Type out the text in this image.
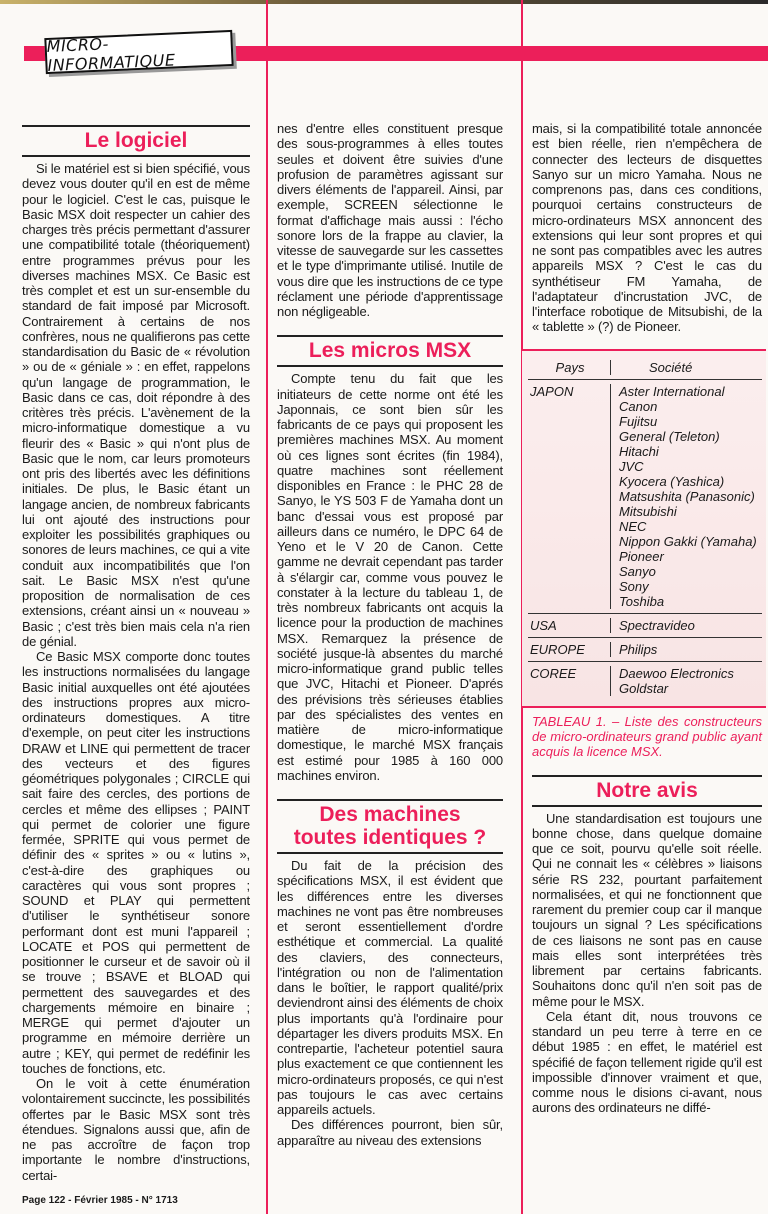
MICRO-INFORMATIQUE
Le logiciel

Si le matériel est si bien spécifié, vous devez vous douter qu'il en est de même pour le logiciel. C'est le cas, puisque le Basic MSX doit respecter un cahier des charges très précis permettant d'assurer une compatibilité totale (théoriquement) entre programmes prévus pour les diverses machines MSX. Ce Basic est très complet et est un sur-ensemble du standard de fait imposé par Microsoft. Contrairement à certains de nos confrères, nous ne qualifierons pas cette standardisation du Basic de « révolution » ou de « géniale » : en effet, rappelons qu'un langage de programmation, le Basic dans ce cas, doit répondre à des critères très précis. L'avènement de la micro-informatique domestique a vu fleurir des « Basic » qui n'ont plus de Basic que le nom, car leurs promoteurs ont pris des libertés avec les définitions initiales. De plus, le Basic étant un langage ancien, de nombreux fabricants lui ont ajouté des instructions pour exploiter les possibilités graphiques ou sonores de leurs machines, ce qui a vite conduit aux incompatibilités que l'on sait. Le Basic MSX n'est qu'une proposition de normalisation de ces extensions, créant ainsi un « nouveau » Basic ; c'est très bien mais cela n'a rien de génial.

Ce Basic MSX comporte donc toutes les instructions normalisées du langage Basic initial auxquelles ont été ajoutées des instructions propres aux micro-ordinateurs domestiques. A titre d'exemple, on peut citer les instructions DRAW et LINE qui permettent de tracer des vecteurs et des figures géométriques polygonales ; CIRCLE qui sait faire des cercles, des portions de cercles et même des ellipses ; PAINT qui permet de colorier une figure fermée, SPRITE qui vous permet de définir des « sprites » ou « lutins », c'est-à-dire des graphiques ou caractères qui vous sont propres ; SOUND et PLAY qui permettent d'utiliser le synthétiseur sonore performant dont est muni l'appareil ; LOCATE et POS qui permettent de positionner le curseur et de savoir où il se trouve ; BSAVE et BLOAD qui permettent des sauvegardes et des chargements mémoire en binaire ; MERGE qui permet d'ajouter un programme en mémoire derrière un autre ; KEY, qui permet de redéfinir les touches de fonctions, etc.

On le voit à cette énumération volontairement succincte, les possibilités offertes par le Basic MSX sont très étendues. Signalons aussi que, afin de ne pas accroître de façon trop importante le nombre d'instructions, certai-

Page 122 - Février 1985 - N° 1713

nes d'entre elles constituent presque des sous-programmes à elles toutes seules et doivent être suivies d'une profusion de paramètres agissant sur divers éléments de l'appareil. Ainsi, par exemple, SCREEN sélectionne le format d'affichage mais aussi : l'écho sonore lors de la frappe au clavier, la vitesse de sauvegarde sur les cassettes et le type d'imprimante utilisé. Inutile de vous dire que les instructions de ce type réclament une période d'apprentissage non négligeable.

Les micros MSX

Compte tenu du fait que les initiateurs de cette norme ont été les Japonnais, ce sont bien sûr les fabricants de ce pays qui proposent les premières machines MSX. Au moment où ces lignes sont écrites (fin 1984), quatre machines sont réellement disponibles en France : le PHC 28 de Sanyo, le YS 503 F de Yamaha dont un banc d'essai vous est proposé par ailleurs dans ce numéro, le DPC 64 de Yeno et le V 20 de Canon. Cette gamme ne devrait cependant pas tarder à s'élargir car, comme vous pouvez le constater à la lecture du tableau 1, de très nombreux fabricants ont acquis la licence pour la production de machines MSX. Remarquez la présence de société jusque-là absentes du marché micro-informatique grand public telles que JVC, Hitachi et Pioneer. D'aprés des prévisions très sérieuses établies par des spécialistes des ventes en matière de micro-informatique domestique, le marché MSX français est estimé pour 1985 à 160 000 machines environ.

Des machines
toutes identiques ?

Du fait de la précision des spécifications MSX, il est évident que les différences entre les diverses machines ne vont pas être nombreuses et seront essentiellement d'ordre esthétique et commercial. La qualité des claviers, des connecteurs, l'intégration ou non de l'alimentation dans le boîtier, le rapport qualité/prix deviendront ainsi des éléments de choix plus importants qu'à l'ordinaire pour départager les divers produits MSX. En contrepartie, l'acheteur potentiel saura plus exactement ce que contiennent les micro-ordinateurs proposés, ce qui n'est pas toujours le cas avec certains appareils actuels.

Des différences pourront, bien sûr, apparaître au niveau des extensions

mais, si la compatibilité totale annoncée est bien réelle, rien n'empêchera de connecter des lecteurs de disquettes Sanyo sur un micro Yamaha. Nous ne comprenons pas, dans ces conditions, pourquoi certains constructeurs de micro-ordinateurs MSX annoncent des extensions qui leur sont propres et qui ne sont pas compatibles avec les autres appareils MSX ? C'est le cas du synthétiseur FM Yamaha, de l'adaptateur d'incrustation JVC, de l'interface robotique de Mitsubishi, de la « tablette » (?) de Pioneer.

Pays	Société
JAPON	Aster International
Canon
Fujitsu
General (Teleton)
Hitachi
JVC
Kyocera (Yashica)
Matsushita (Panasonic)
Mitsubishi
NEC
Nippon Gakki (Yamaha)
Pioneer
Sanyo
Sony
Toshiba
USA	Spectravideo
EUROPE	Philips
COREE	Daewoo Electronics
Goldstar
TABLEAU 1. – Liste des constructeurs de micro-ordinateurs grand public ayant acquis la licence MSX.
Notre avis

Une standardisation est toujours une bonne chose, dans quelque domaine que ce soit, pourvu qu'elle soit réelle. Qui ne connait les « célèbres » liaisons série RS 232, pourtant parfaitement normalisées, et qui ne fonctionnent que rarement du premier coup car il manque toujours un signal ? Les spécifications de ces liaisons ne sont pas en cause mais elles sont interprétées très librement par certains fabricants. Souhaitons donc qu'il n'en soit pas de même pour le MSX.

Cela étant dit, nous trouvons ce standard un peu terre à terre en ce début 1985 : en effet, le matériel est spécifié de façon tellement rigide qu'il est impossible d'innover vraiment et que, comme nous le disions ci-avant, nous aurons des ordinateurs ne diffé-
